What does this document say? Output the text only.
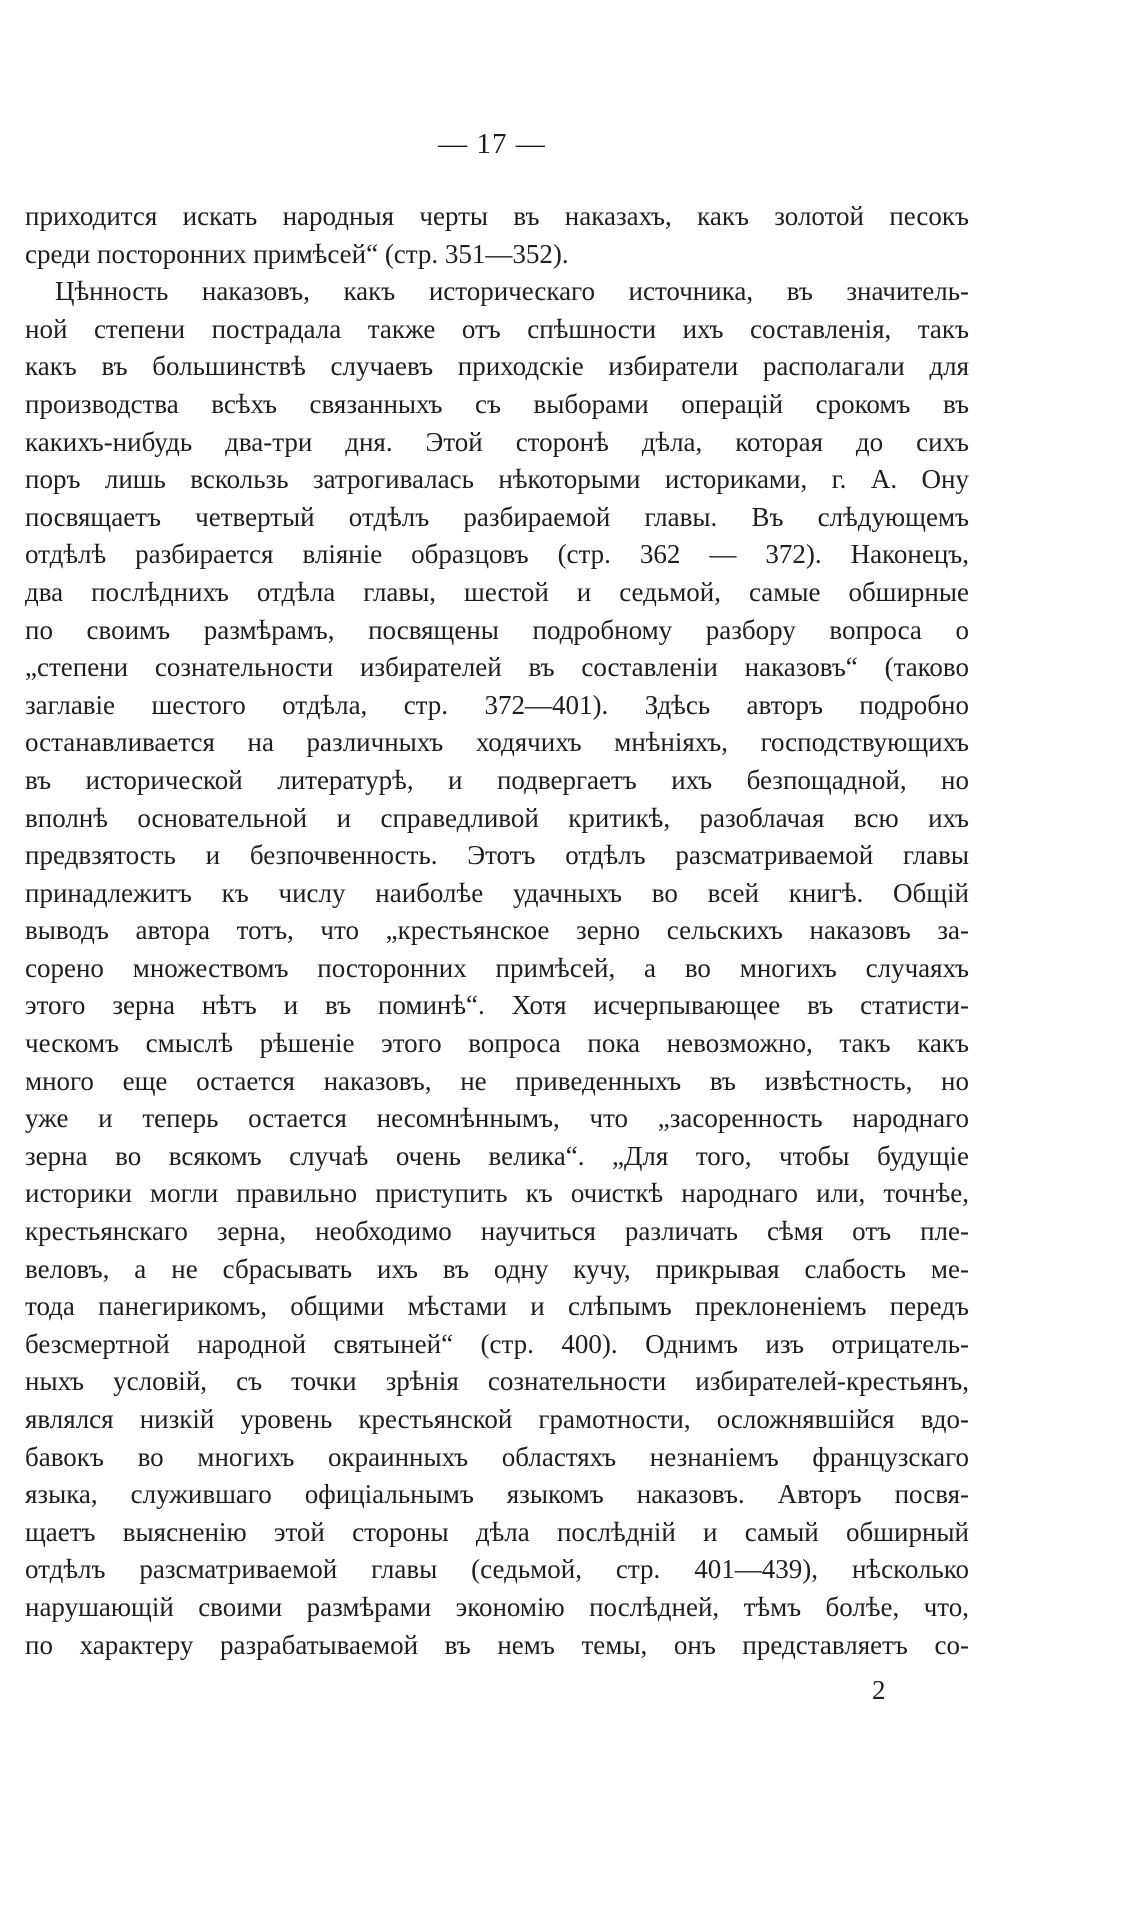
— 17 —
приходится искать народныя черты въ наказахъ, какъ золотой песокъ
среди посторонних примѣсей“ (стр. 351—352).
Цѣнность наказовъ, какъ историческаго источника, въ значитель-
ной степени пострадала также отъ спѣшности ихъ составленія, такъ
какъ въ большинствѣ случаевъ приходскіе избиратели располагали для
производства всѣхъ связанныхъ съ выборами операцій срокомъ въ
какихъ-нибудь два-три дня. Этой сторонѣ дѣла, которая до сихъ
поръ лишь вскользь затрогивалась нѣкоторыми историками, г. А. Ону
посвящаетъ четвертый отдѣлъ разбираемой главы. Въ слѣдующемъ
отдѣлѣ разбирается вліяніе образцовъ (стр. 362 — 372). Наконецъ,
два послѣднихъ отдѣла главы, шестой и седьмой, самые обширные
по своимъ размѣрамъ, посвящены подробному разбору вопроса о
„степени сознательности избирателей въ составленіи наказовъ“ (таково
заглавіе шестого отдѣла, стр. 372—401). Здѣсь авторъ подробно
останавливается на различныхъ ходячихъ мнѣніяхъ, господствующихъ
въ исторической литературѣ, и подвергаетъ ихъ безпощадной, но
вполнѣ основательной и справедливой критикѣ, разоблачая всю ихъ
предвзятость и безпочвенность. Этотъ отдѣлъ разсматриваемой главы
принадлежитъ къ числу наиболѣе удачныхъ во всей книгѣ. Общій
выводъ автора тотъ, что „крестьянское зерно сельскихъ наказовъ за-
сорено множествомъ посторонних примѣсей, а во многихъ случаяхъ
этого зерна нѣтъ и въ поминѣ“. Хотя исчерпывающее въ статисти-
ческомъ смыслѣ рѣшеніе этого вопроса пока невозможно, такъ какъ
много еще остается наказовъ, не приведенныхъ въ извѣстность, но
уже и теперь остается несомнѣннымъ, что „засоренность народнаго
зерна во всякомъ случаѣ очень велика“. „Для того, чтобы будущіе
историки могли правильно приступить къ очисткѣ народнаго или, точнѣе,
крестьянскаго зерна, необходимо научиться различать сѣмя отъ пле-
веловъ, а не сбрасывать ихъ въ одну кучу, прикрывая слабость ме-
тода панегирикомъ, общими мѣстами и слѣпымъ преклоненіемъ передъ
безсмертной народной святыней“ (стр. 400). Однимъ изъ отрицатель-
ныхъ условій, съ точки зрѣнія сознательности избирателей-крестьянъ,
являлся низкій уровень крестьянской грамотности, осложнявшійся вдо-
бавокъ во многихъ окраинныхъ областяхъ незнаніемъ французскаго
языка, служившаго офиціальнымъ языкомъ наказовъ. Авторъ посвя-
щаетъ выясненію этой стороны дѣла послѣдній и самый обширный
отдѣлъ разсматриваемой главы (седьмой, стр. 401—439), нѣсколько
нарушающій своими размѣрами экономію послѣдней, тѣмъ болѣе, что,
по характеру разрабатываемой въ немъ темы, онъ представляетъ со-
2
